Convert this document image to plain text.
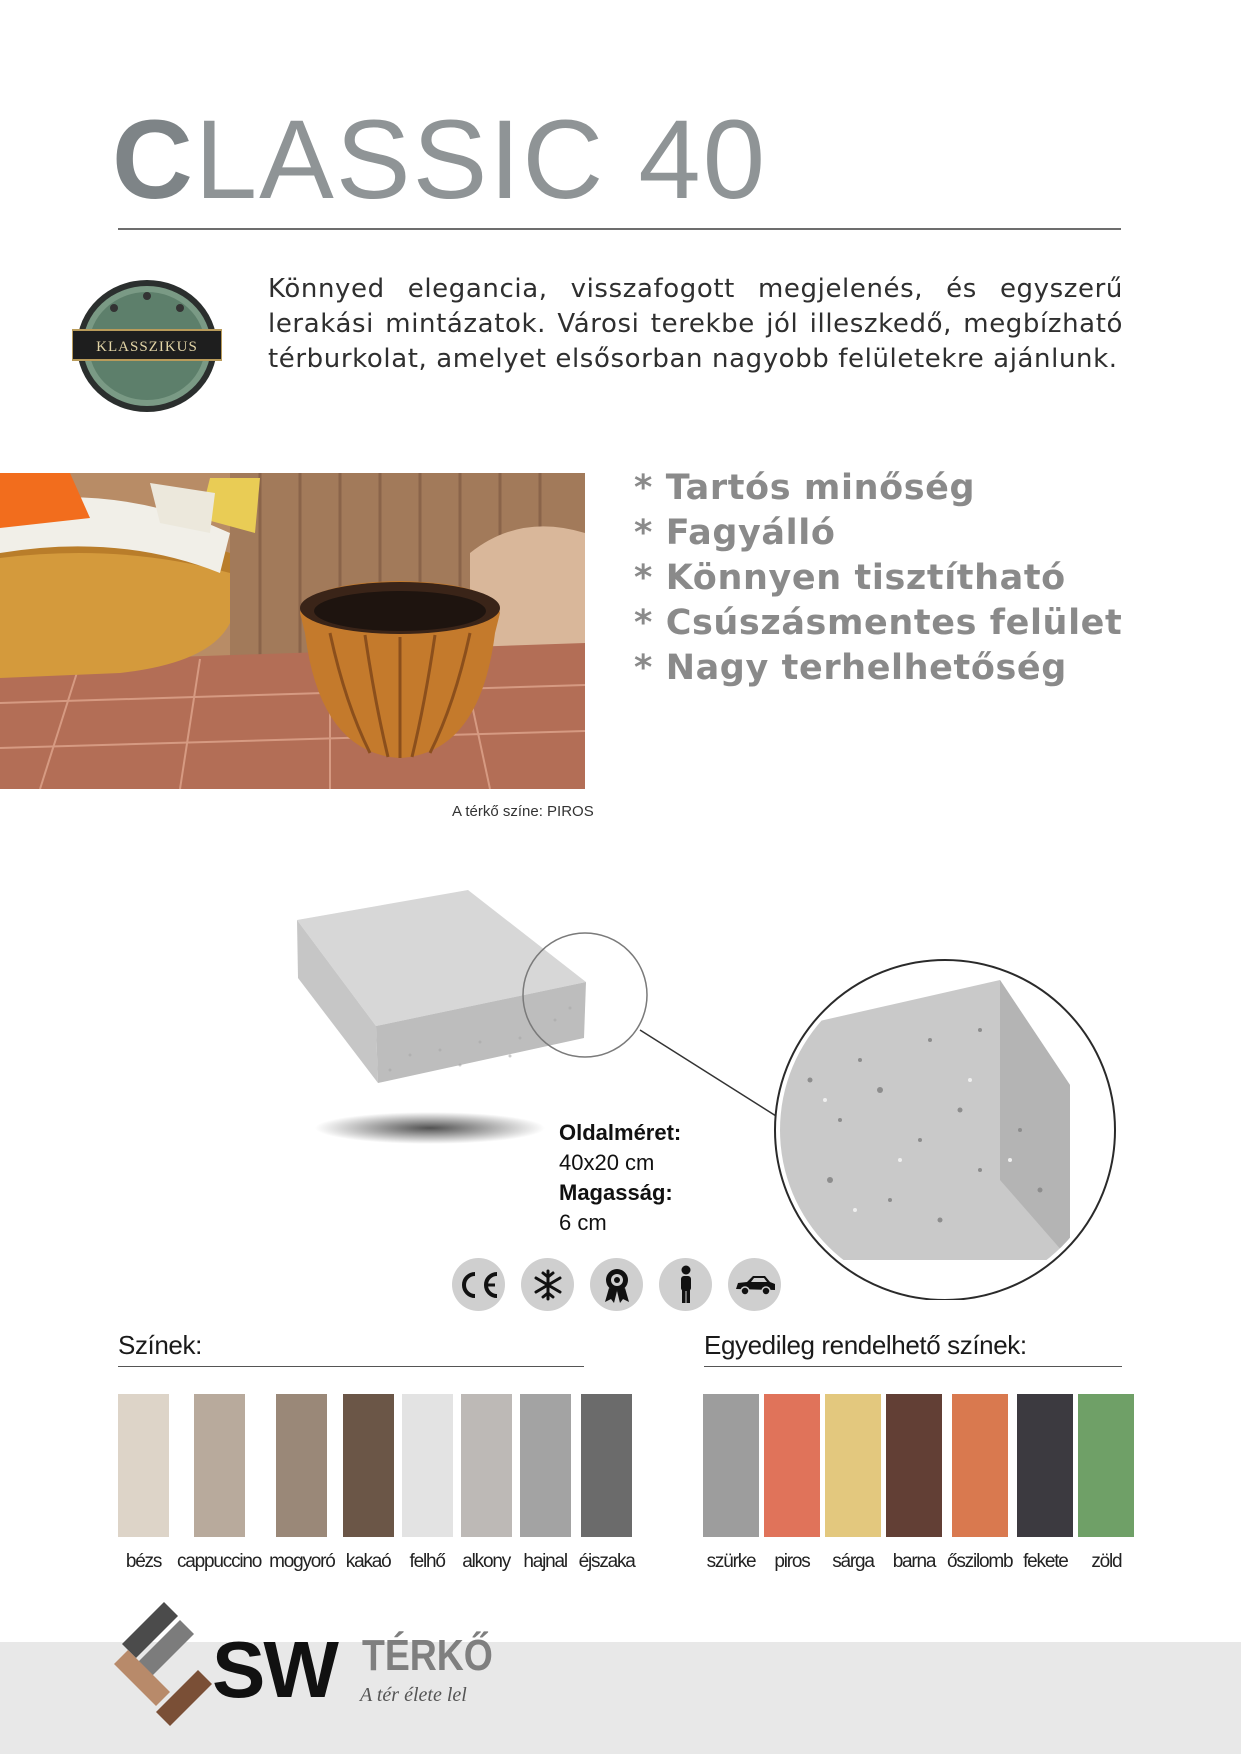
CLASSIC 40
KLASSZIKUS
Könnyed elegancia, visszafogott megjelenés, és egyszerű lerakási mintázatok. Városi terekbe jól illeszkedő, megbízható térburkolat, amelyet elsősorban nagyobb felületekre ajánlunk.
A térkő színe: PIROS
* Tartós minőség
* Fagyálló
* Könnyen tisztítható
* Csúszásmentes felület
* Nagy terhelhetőség
Oldalméret:
40x20 cm
Magasság:
6 cm
Színek:
bézs cappuccino mogyoró kakaó felhő alkony hajnal éjszaka
Egyedileg rendelhető színek:
szürke piros sárga barna őszilomb fekete zöld
SW TÉRKŐ
A tér élete lel
